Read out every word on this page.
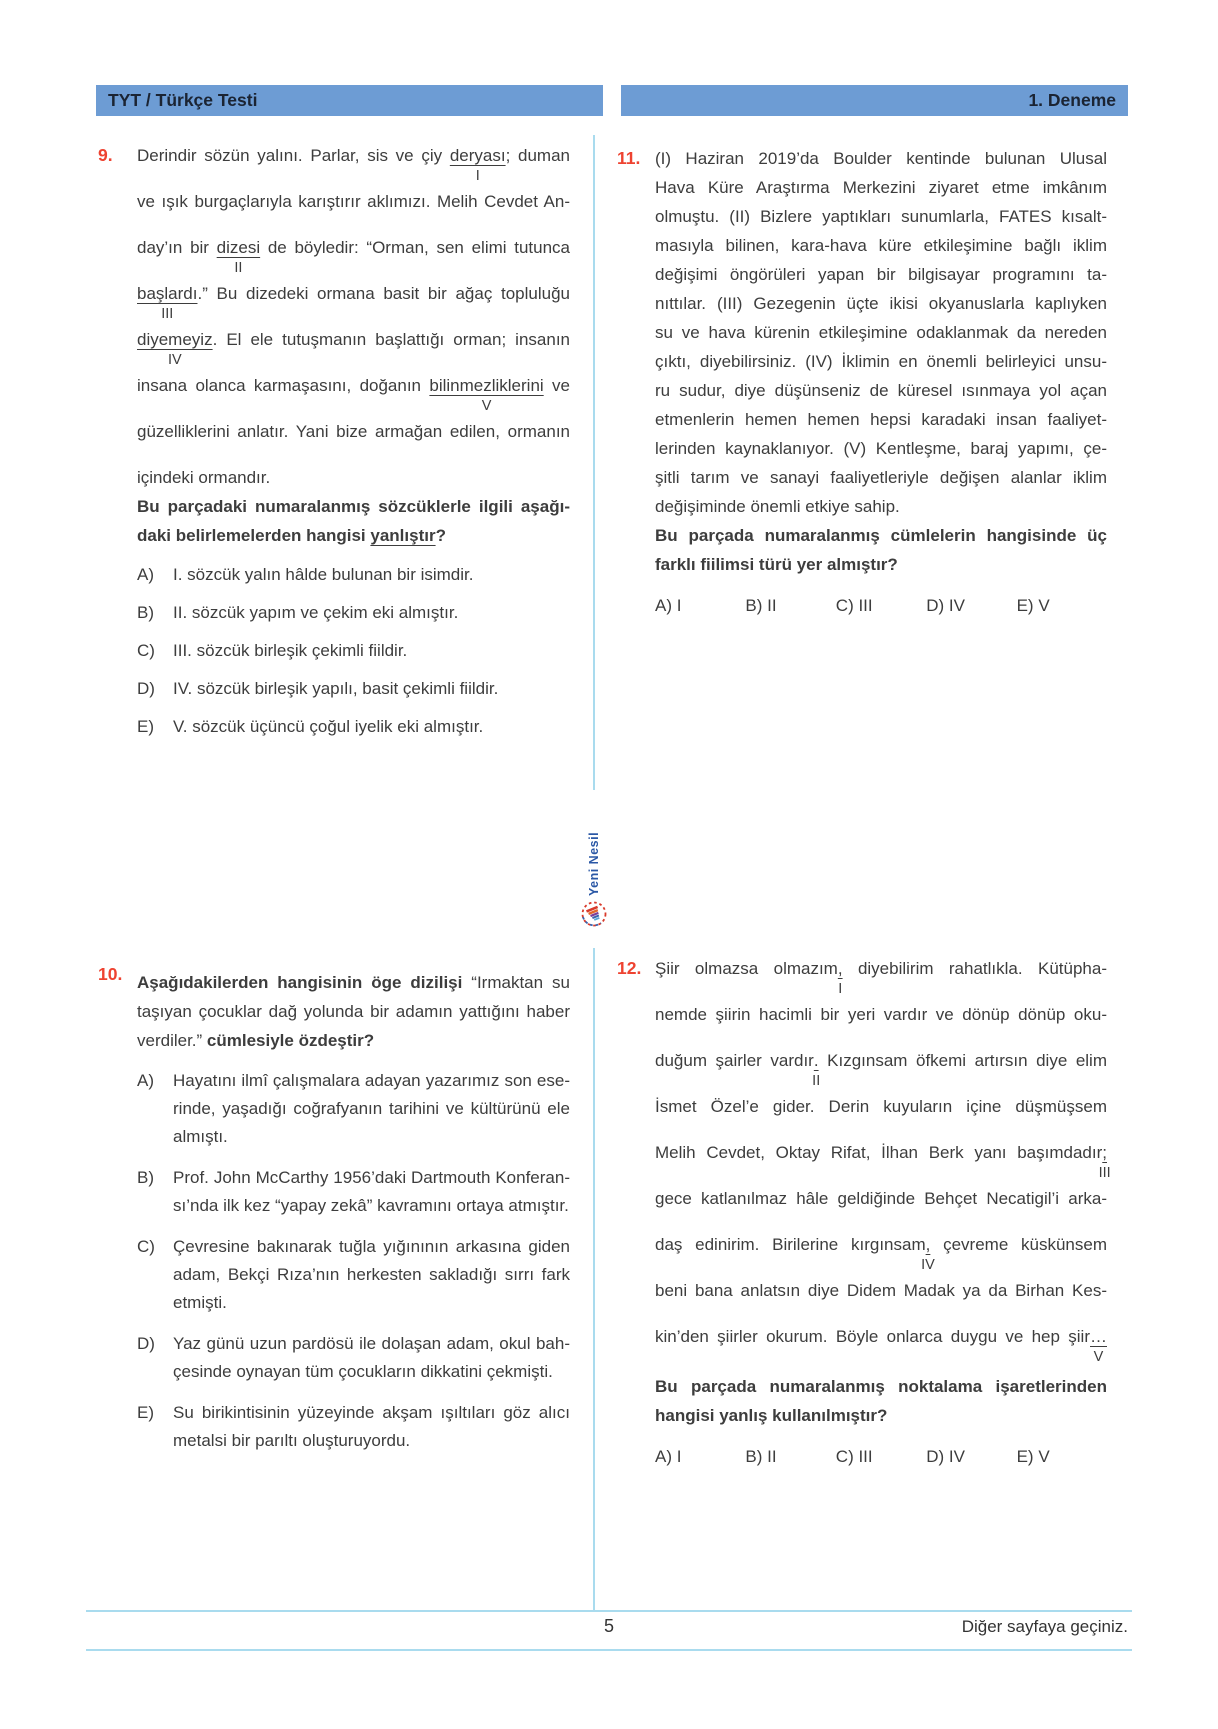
TYT / Türkçe Testi	1. Deneme
Yeni Nesil
9.	Derindir sözün yalını. Parlar, sis ve çiy deryası
I
; duman
ve ışık burgaçlarıyla karıştırır aklımızı. Melih Cevdet An-
day’ın bir dizesi
II
de böyledir: “Orman, sen elimi tutunca
başlardı
III
.” Bu dizedeki ormana basit bir ağaç topluluğu
diyemeyiz
IV
. El ele tutuşmanın başlattığı orman; insanın
insana olanca karmaşasını, doğanın bilinmezliklerini
V
ve
güzelliklerini anlatır. Yani bize armağan edilen, ormanın
içindeki ormandır.
Bu parçadaki numaralanmış sözcüklerle ilgili aşağı-
daki belirlemelerden hangisi yanlıştır?
A)	I. sözcük yalın hâlde bulunan bir isimdir.
B)	II. sözcük yapım ve çekim eki almıştır.
C)	III. sözcük birleşik çekimli fiildir.
D)	IV. sözcük birleşik yapılı, basit çekimli fiildir.
E)	V. sözcük üçüncü çoğul iyelik eki almıştır.
10. Aşağıdakilerden hangisinin öge dizilişi “Irmaktan su
taşıyan çocuklar dağ yolunda bir adamın yattığını haber
verdiler.” cümlesiyle özdeştir?
A)	Hayatını ilmî çalışmalara adayan yazarımız son ese-
rinde, yaşadığı coğrafyanın tarihini ve kültürünü ele
almıştı.
B)	Prof. John McCarthy 1956’daki Dartmouth Konferan-
sı’nda ilk kez “yapay zekâ” kavramını ortaya atmıştır.
C)	Çevresine bakınarak tuğla yığınının arkasına giden
adam, Bekçi Rıza’nın herkesten sakladığı sırrı fark
etmişti.
D)	Yaz günü uzun pardösü ile dolaşan adam, okul bah-
çesinde oynayan tüm çocukların dikkatini çekmişti.
E)	Su birikintisinin yüzeyinde akşam ışıltıları göz alıcı
metalsi bir parıltı oluşturuyordu.
11. (I) Haziran 2019’da Boulder kentinde bulunan Ulusal
Hava Küre Araştırma Merkezini ziyaret etme imkânım
olmuştu. (II) Bizlere yaptıkları sunumlarla, FATES kısalt-
masıyla bilinen, kara-hava küre etkileşimine bağlı iklim
değişimi öngörüleri yapan bir bilgisayar programını ta-
nıttılar. (III) Gezegenin üçte ikisi okyanuslarla kaplıyken
su ve hava kürenin etkileşimine odaklanmak da nereden
çıktı, diyebilirsiniz. (IV) İklimin en önemli belirleyici unsu-
ru sudur, diye düşünseniz de küresel ısınmaya yol açan
etmenlerin hemen hemen hepsi karadaki insan faaliyet-
lerinden kaynaklanıyor. (V) Kentleşme, baraj yapımı, çe-
şitli tarım ve sanayi faaliyetleriyle değişen alanlar iklim
değişiminde önemli etkiye sahip.
Bu parçada numaralanmış cümlelerin hangisinde üç
farklı fiilimsi türü yer almıştır?
A) I	B) II	C) III	D) IV	E) V
12. Şiir olmazsa olmazım,
I
diyebilirim rahatlıkla. Kütüpha-
nemde şiirin hacimli bir yeri vardır ve dönüp dönüp oku-
duğum şairler vardır.
II
Kızgınsam öfkemi artırsın diye elim
İsmet Özel’e gider. Derin kuyuların içine düşmüşsem
Melih Cevdet, Oktay Rifat, İlhan Berk yanı başımdadır;
III
gece katlanılmaz hâle geldiğinde Behçet Necatigil’i arka-
daş edinirim. Birilerine kırgınsam,
IV
çevreme küskünsem
beni bana anlatsın diye Didem Madak ya da Birhan Kes-
kin’den şiirler okurum. Böyle onlarca duygu ve hep şiir…
V
Bu parçada numaralanmış noktalama işaretlerinden
hangisi yanlış kullanılmıştır?
A) I	B) II	C) III	D) IV	E) V
5	Diğer sayfaya geçiniz.
